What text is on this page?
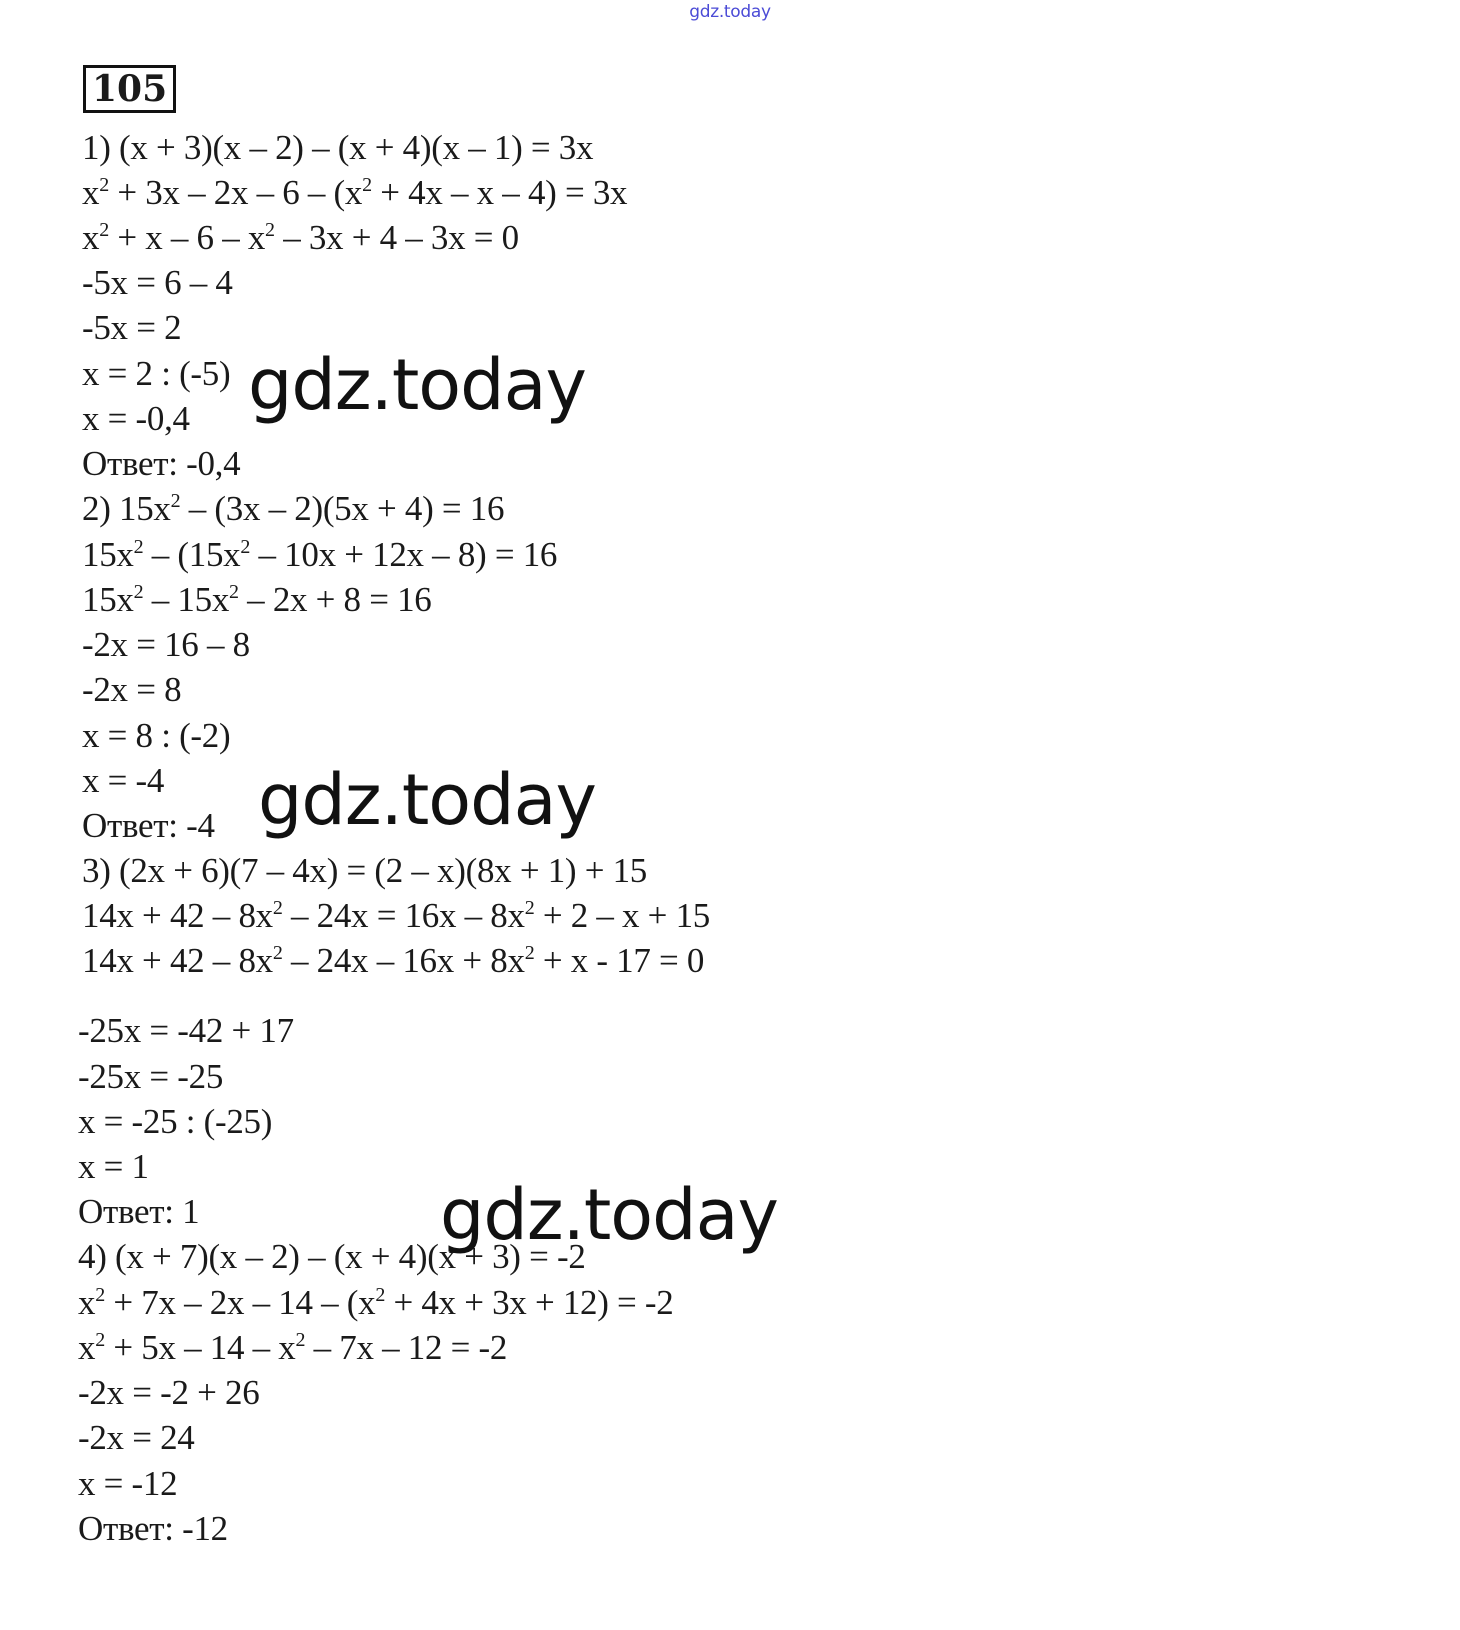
gdz.today
105
1) (x + 3)(x – 2) – (x + 4)(x – 1) = 3x
$x^2 + 3x - 2x - 6 - (x^2 + 4x - x - 4) = 3x$
$x^2 + x - 6 - x^2 - 3x + 4 - 3x = 0$
-5x = 6 – 4
-5x = 2
x = 2 : (-5)
x = -0,4
Ответ: -0,4
2) $15x^2 - (3x - 2)(5x + 4) = 16$
$15x^2 - (15x^2 - 10x + 12x - 8) = 16$
$15x^2 - 15x^2 - 2x + 8 = 16$
-2x = 16 – 8
-2x = 8
x = 8 : (-2)
x = -4
Ответ: -4
3) (2x + 6)(7 – 4x) = (2 – x)(8x + 1) + 15
$14x + 42 - 8x^2 - 24x = 16x - 8x^2 + 2 - x + 15$
$14x + 42 - 8x^2 - 24x - 16x + 8x^2 + x - 17 = 0$
-25x = -42 + 17
-25x = -25
x = -25 : (-25)
x = 1
Ответ: 1
4) (x + 7)(x – 2) – (x + 4)(x + 3) = -2
$x^2 + 7x - 2x - 14 - (x^2 + 4x + 3x + 12) = -2$
$x^2 + 5x - 14 - x^2 - 7x - 12 = -2$
-2x = -2 + 26
-2x = 24
x = -12
Ответ: -12
gdz.today
gdz.today
gdz.today
